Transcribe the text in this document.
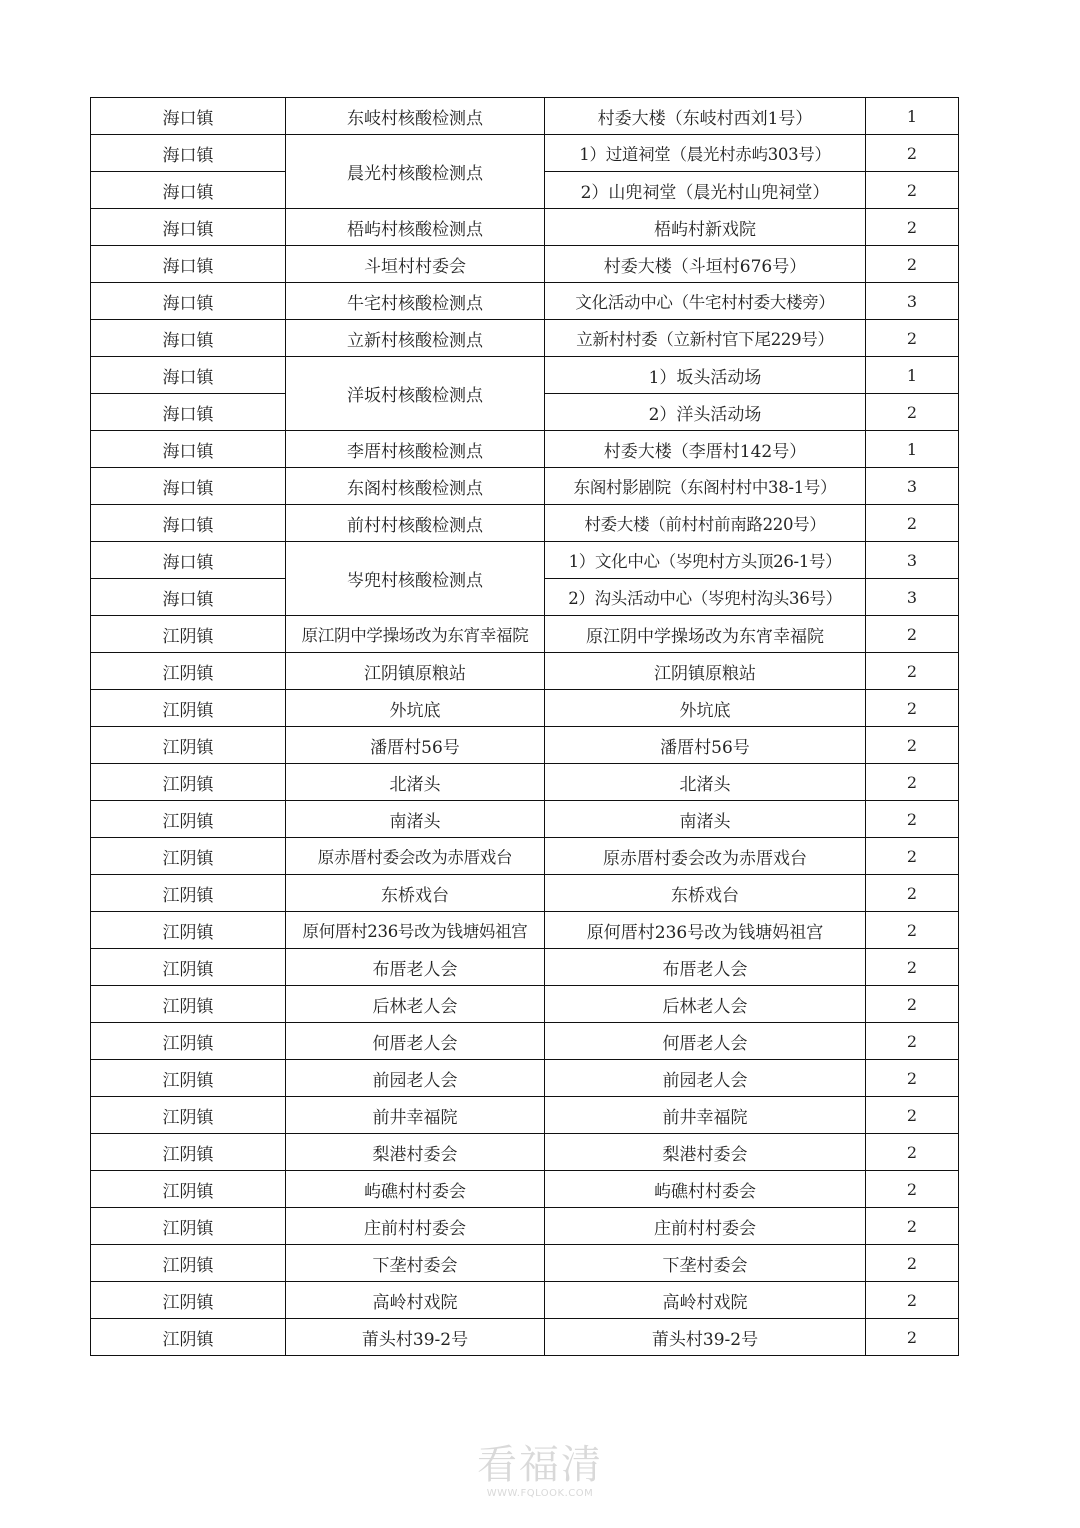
海口镇	东岐村核酸检测点	村委大楼（东岐村西刘1号）	1
海口镇	晨光村核酸检测点	1）过道祠堂（晨光村赤屿303号）	2
海口镇		2）山兜祠堂（晨光村山兜祠堂）	2
海口镇	梧屿村核酸检测点	梧屿村新戏院	2
海口镇	斗垣村村委会	村委大楼（斗垣村676号）	2
海口镇	牛宅村核酸检测点	文化活动中心（牛宅村村委大楼旁）	3
海口镇	立新村核酸检测点	立新村村委（立新村官下尾229号）	2
海口镇	洋坂村核酸检测点	1）坂头活动场	1
海口镇		2）洋头活动场	2
海口镇	李厝村核酸检测点	村委大楼（李厝村142号）	1
海口镇	东阁村核酸检测点	东阁村影剧院（东阁村村中38-1号）	3
海口镇	前村村核酸检测点	村委大楼（前村村前南路220号）	2
海口镇	岑兜村核酸检测点	1）文化中心（岑兜村方头顶26-1号）	3
海口镇		2）沟头活动中心（岑兜村沟头36号）	3
江阴镇	原江阴中学操场改为东宵幸福院	原江阴中学操场改为东宵幸福院	2
江阴镇	江阴镇原粮站	江阴镇原粮站	2
江阴镇	外坑底	外坑底	2
江阴镇	潘厝村56号	潘厝村56号	2
江阴镇	北渚头	北渚头	2
江阴镇	南渚头	南渚头	2
江阴镇	原赤厝村委会改为赤厝戏台	原赤厝村委会改为赤厝戏台	2
江阴镇	东桥戏台	东桥戏台	2
江阴镇	原何厝村236号改为钱塘妈祖宫	原何厝村236号改为钱塘妈祖宫	2
江阴镇	布厝老人会	布厝老人会	2
江阴镇	后林老人会	后林老人会	2
江阴镇	何厝老人会	何厝老人会	2
江阴镇	前园老人会	前园老人会	2
江阴镇	前井幸福院	前井幸福院	2
江阴镇	梨港村委会	梨港村委会	2
江阴镇	屿礁村村委会	屿礁村村委会	2
江阴镇	庄前村村委会	庄前村村委会	2
江阴镇	下垄村委会	下垄村委会	2
江阴镇	高岭村戏院	高岭村戏院	2
江阴镇	莆头村39-2号	莆头村39-2号	2
看福清
WWW.FQLOOK.COM
